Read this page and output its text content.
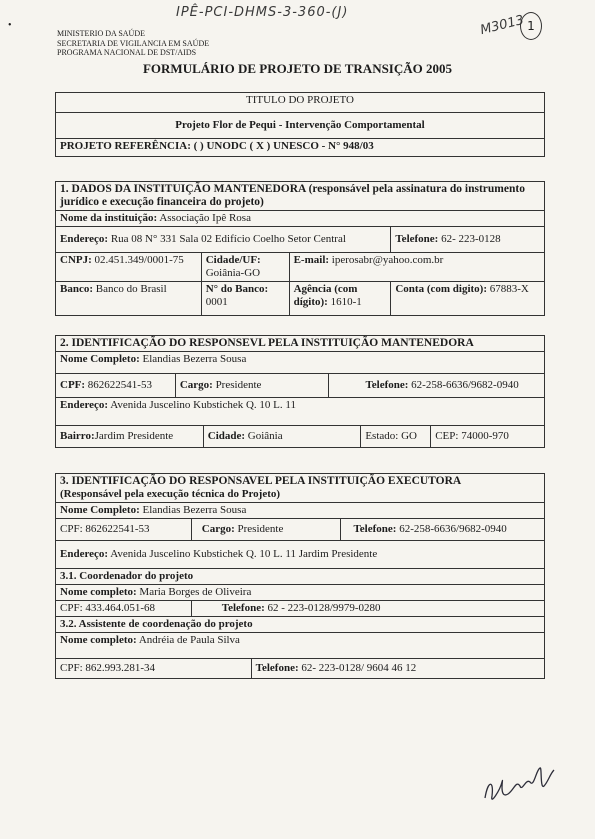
•
IPÊ-PCI-DHMS-3-360-(J)
M3013 1
MINISTERIO DA SAÚDE
SECRETARIA DE VIGILANCIA EM SAÚDE
PROGRAMA NACIONAL DE DST/AIDS
FORMULÁRIO DE PROJETO DE TRANSIÇÃO 2005
TITULO DO PROJETO
Projeto Flor de Pequi - Intervenção Comportamental
PROJETO REFERÊNCIA: ( ) UNODC ( X ) UNESCO - N° 948/03
1. DADOS DA INSTITUIÇÃO MANTENEDORA (responsável pela assinatura do instrumento jurídico e execução financeira do projeto)			
Nome da instituição: Associação Ipê Rosa			
Endereço: Rua 08 N° 331 Sala 02 Edifício Coelho Setor Central			Telefone: 62- 223-0128
CNPJ: 02.451.349/0001-75	Cidade/UF: Goiânia-GO	E-mail: iperosabr@yahoo.com.br	
Banco: Banco do Brasil	N° do Banco: 0001	Agência (com dígito): 1610-1	Conta (com digito): 67883-X
2. IDENTIFICAÇÃO DO RESPONSEVL PELA INSTITUIÇÃO MANTENEDORA					
Nome Completo: Elandias Bezerra Sousa					
CPF: 862622541-53	Cargo: Presidente		Telefone: 62-258-6636/9682-0940		
Endereço: Avenida Juscelino Kubstichek Q. 10 L. 11					
Bairro:Jardim Presidente		Cidade: Goiânia		Estado: GO	CEP: 74000-970
3. IDENTIFICAÇÃO DO RESPONSAVEL PELA INSTITUIÇÃO EXECUTORA
(Responsável pela execução técnica do Projeto)			

Nome Completo: Elandias Bezerra Sousa			
CPF: 862622541-53	Cargo: Presidente		Telefone: 62-258-6636/9682-0940
Endereço: Avenida Juscelino Kubstichek Q. 10 L. 11 Jardim Presidente			
3.1. Coordenador do projeto			
Nome completo: Maria Borges de Oliveira			
CPF: 433.464.051-68	Telefone: 62 - 223-0128/9979-0280		
3.2. Assistente de coordenação do projeto			
Nome completo: Andréia de Paula Silva			
CPF: 862.993.281-34		Telefone: 62- 223-0128/ 9604 46 12	
